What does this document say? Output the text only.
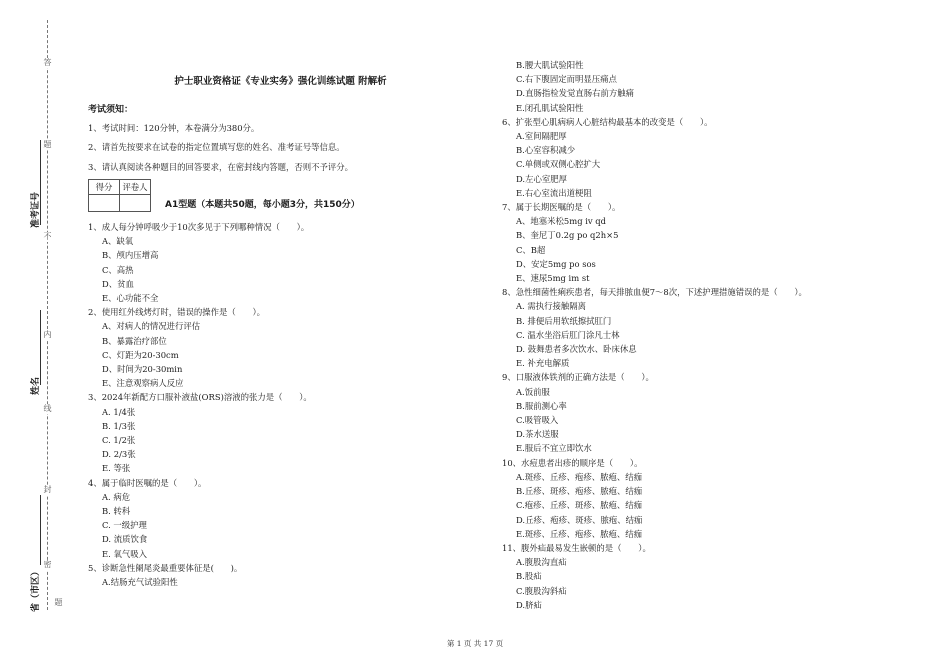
答
题
不
内
线
封
密
题
准考证号
姓名
省（市区）
护士职业资格证《专业实务》强化训练试题 附解析
考试须知：
1、考试时间：120分钟，本卷满分为380分。
2、请首先按要求在试卷的指定位置填写您的姓名、准考证号等信息。
3、请认真阅读各种题目的回答要求，在密封线内答题，否则不予评分。
得分	评卷人

A1型题（本题共50题，每小题3分，共150分）
1、成人每分钟呼吸少于10次多见于下列哪种情况（　　）。
A、缺氧
B、颅内压增高
C、高热
D、贫血
E、心功能不全
2、使用红外线烤灯时，错误的操作是（　　）。
A、对病人的情况进行评估
B、暴露治疗部位
C、灯距为20-30cm
D、时间为20-30min
E、注意观察病人反应
3、2024年新配方口服补液盐(ORS)溶液的张力是（　　）。
A. 1/4张
B. 1/3张
C. 1/2张
D. 2/3张
E. 等张
4、属于临时医嘱的是（　　）。
A. 病危
B. 转科
C. 一级护理
D. 流质饮食
E. 氧气吸入
5、诊断急性阑尾炎最重要体征是(　　)。
A.结肠充气试验阳性
B.腰大肌试验阳性
C.右下腹固定而明显压痛点
D.直肠指检发觉直肠右前方触痛
E.闭孔肌试验阳性
6、扩张型心肌病病人心脏结构最基本的改变是（　　）。
A.室间隔肥厚
B.心室容积减少
C.单侧或双侧心腔扩大
D.左心室肥厚
E.右心室流出道梗阻
7、属于长期医嘱的是（　　）。
A、地塞米松5mg iv qd
B、奎尼丁0.2g po q2h×5
C、B超
D、安定5mg po sos
E、速尿5mg im st
8、急性细菌性痢疾患者，每天排脓血便7～8次，下述护理措施错误的是（　　）。
A. 需执行接触隔离
B. 排便后用软纸擦拭肛门
C. 温水坐浴后肛门涂凡士林
D. 鼓舞患者多次饮水、卧床休息
E. 补充电解质
9、口服液体铁剂的正确方法是（　　）。
A.饭前服
B.服前测心率
C.吸管吸入
D.茶水送服
E.服后不宜立即饮水
10、水痘患者出疹的顺序是（　　）。
A.斑疹、丘疹、疱疹、脓疱、结痂
B.丘疹、斑疹、疱疹、脓疱、结痂
C.疱疹、丘疹、斑疹、脓疱、结痂
D.丘疹、疱疹、斑疹、脓疱、结痂
E.斑疹、丘疹、疱疹、脓疱、结痂
11、腹外疝最易发生嵌顿的是（　　）。
A.腹股沟直疝
B.股疝
C.腹股沟斜疝
D.脐疝
第 1 页 共 17 页
